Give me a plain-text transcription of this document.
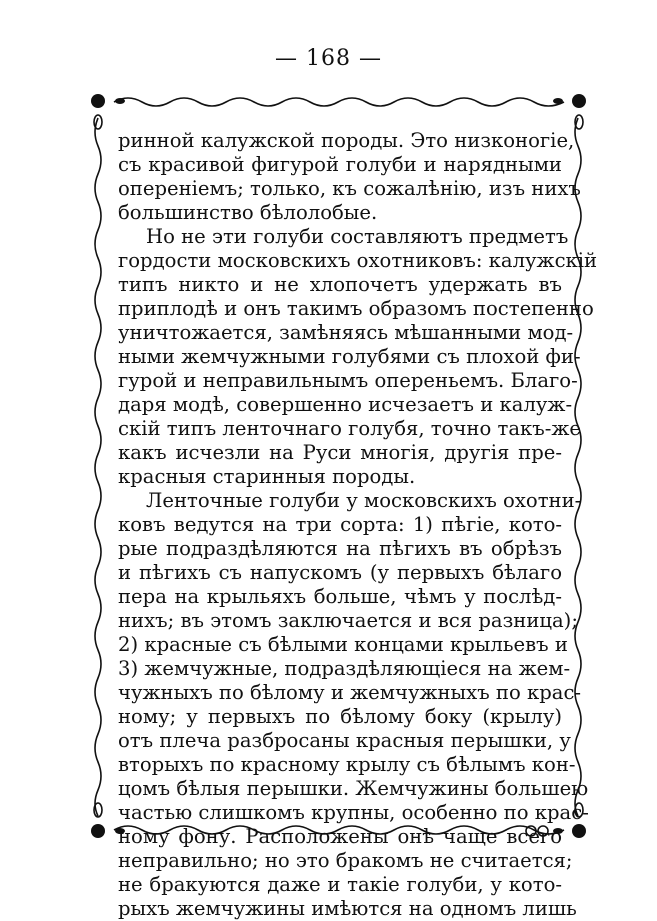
— 168 —
ринной калужской породы. Это низконогіе,
съ красивой фигурой голуби и нарядными
опереніемъ; только, къ сожалѣнію, изъ нихъ
большинство бѣлолобые.
Но не эти голуби составляютъ предметъ
гордости московскихъ охотниковъ: калужскій
типъ никто и не хлопочетъ удержать въ
приплодѣ и онъ такимъ образомъ постепенно
уничтожается, замѣняясь мѣшанными мод-
ными жемчужными голубями съ плохой фи-
гурой и неправильнымъ опереньемъ. Благо-
даря модѣ, совершенно исчезаетъ и калуж-
скій типъ ленточнаго голубя, точно такъ-же
какъ исчезли на Руси многія, другія пре-
красныя старинныя породы.
Ленточные голуби у московскихъ охотни-
ковъ ведутся на три сорта: 1) пѣгіе, кото-
рые подраздѣляются на пѣгихъ въ обрѣзъ
и пѣгихъ съ напускомъ (у первыхъ бѣлаго
пера на крыльяхъ больше, чѣмъ у послѣд-
нихъ; въ этомъ заключается и вся разница);
2) красные съ бѣлыми концами крыльевъ и
3) жемчужные, подраздѣляющіеся на жем-
чужныхъ по бѣлому и жемчужныхъ по крас-
ному; у первыхъ по бѣлому боку (крылу)
отъ плеча разбросаны красныя перышки, у
вторыхъ по красному крылу съ бѣлымъ кон-
цомъ бѣлыя перышки. Жемчужины большею
частью слишкомъ крупны, особенно по крас-
ному фону. Расположены онѣ чаще всего
неправильно; но это бракомъ не считается;
не бракуются даже и такіе голуби, у кото-
рыхъ жемчужины имѣются на одномъ лишь
